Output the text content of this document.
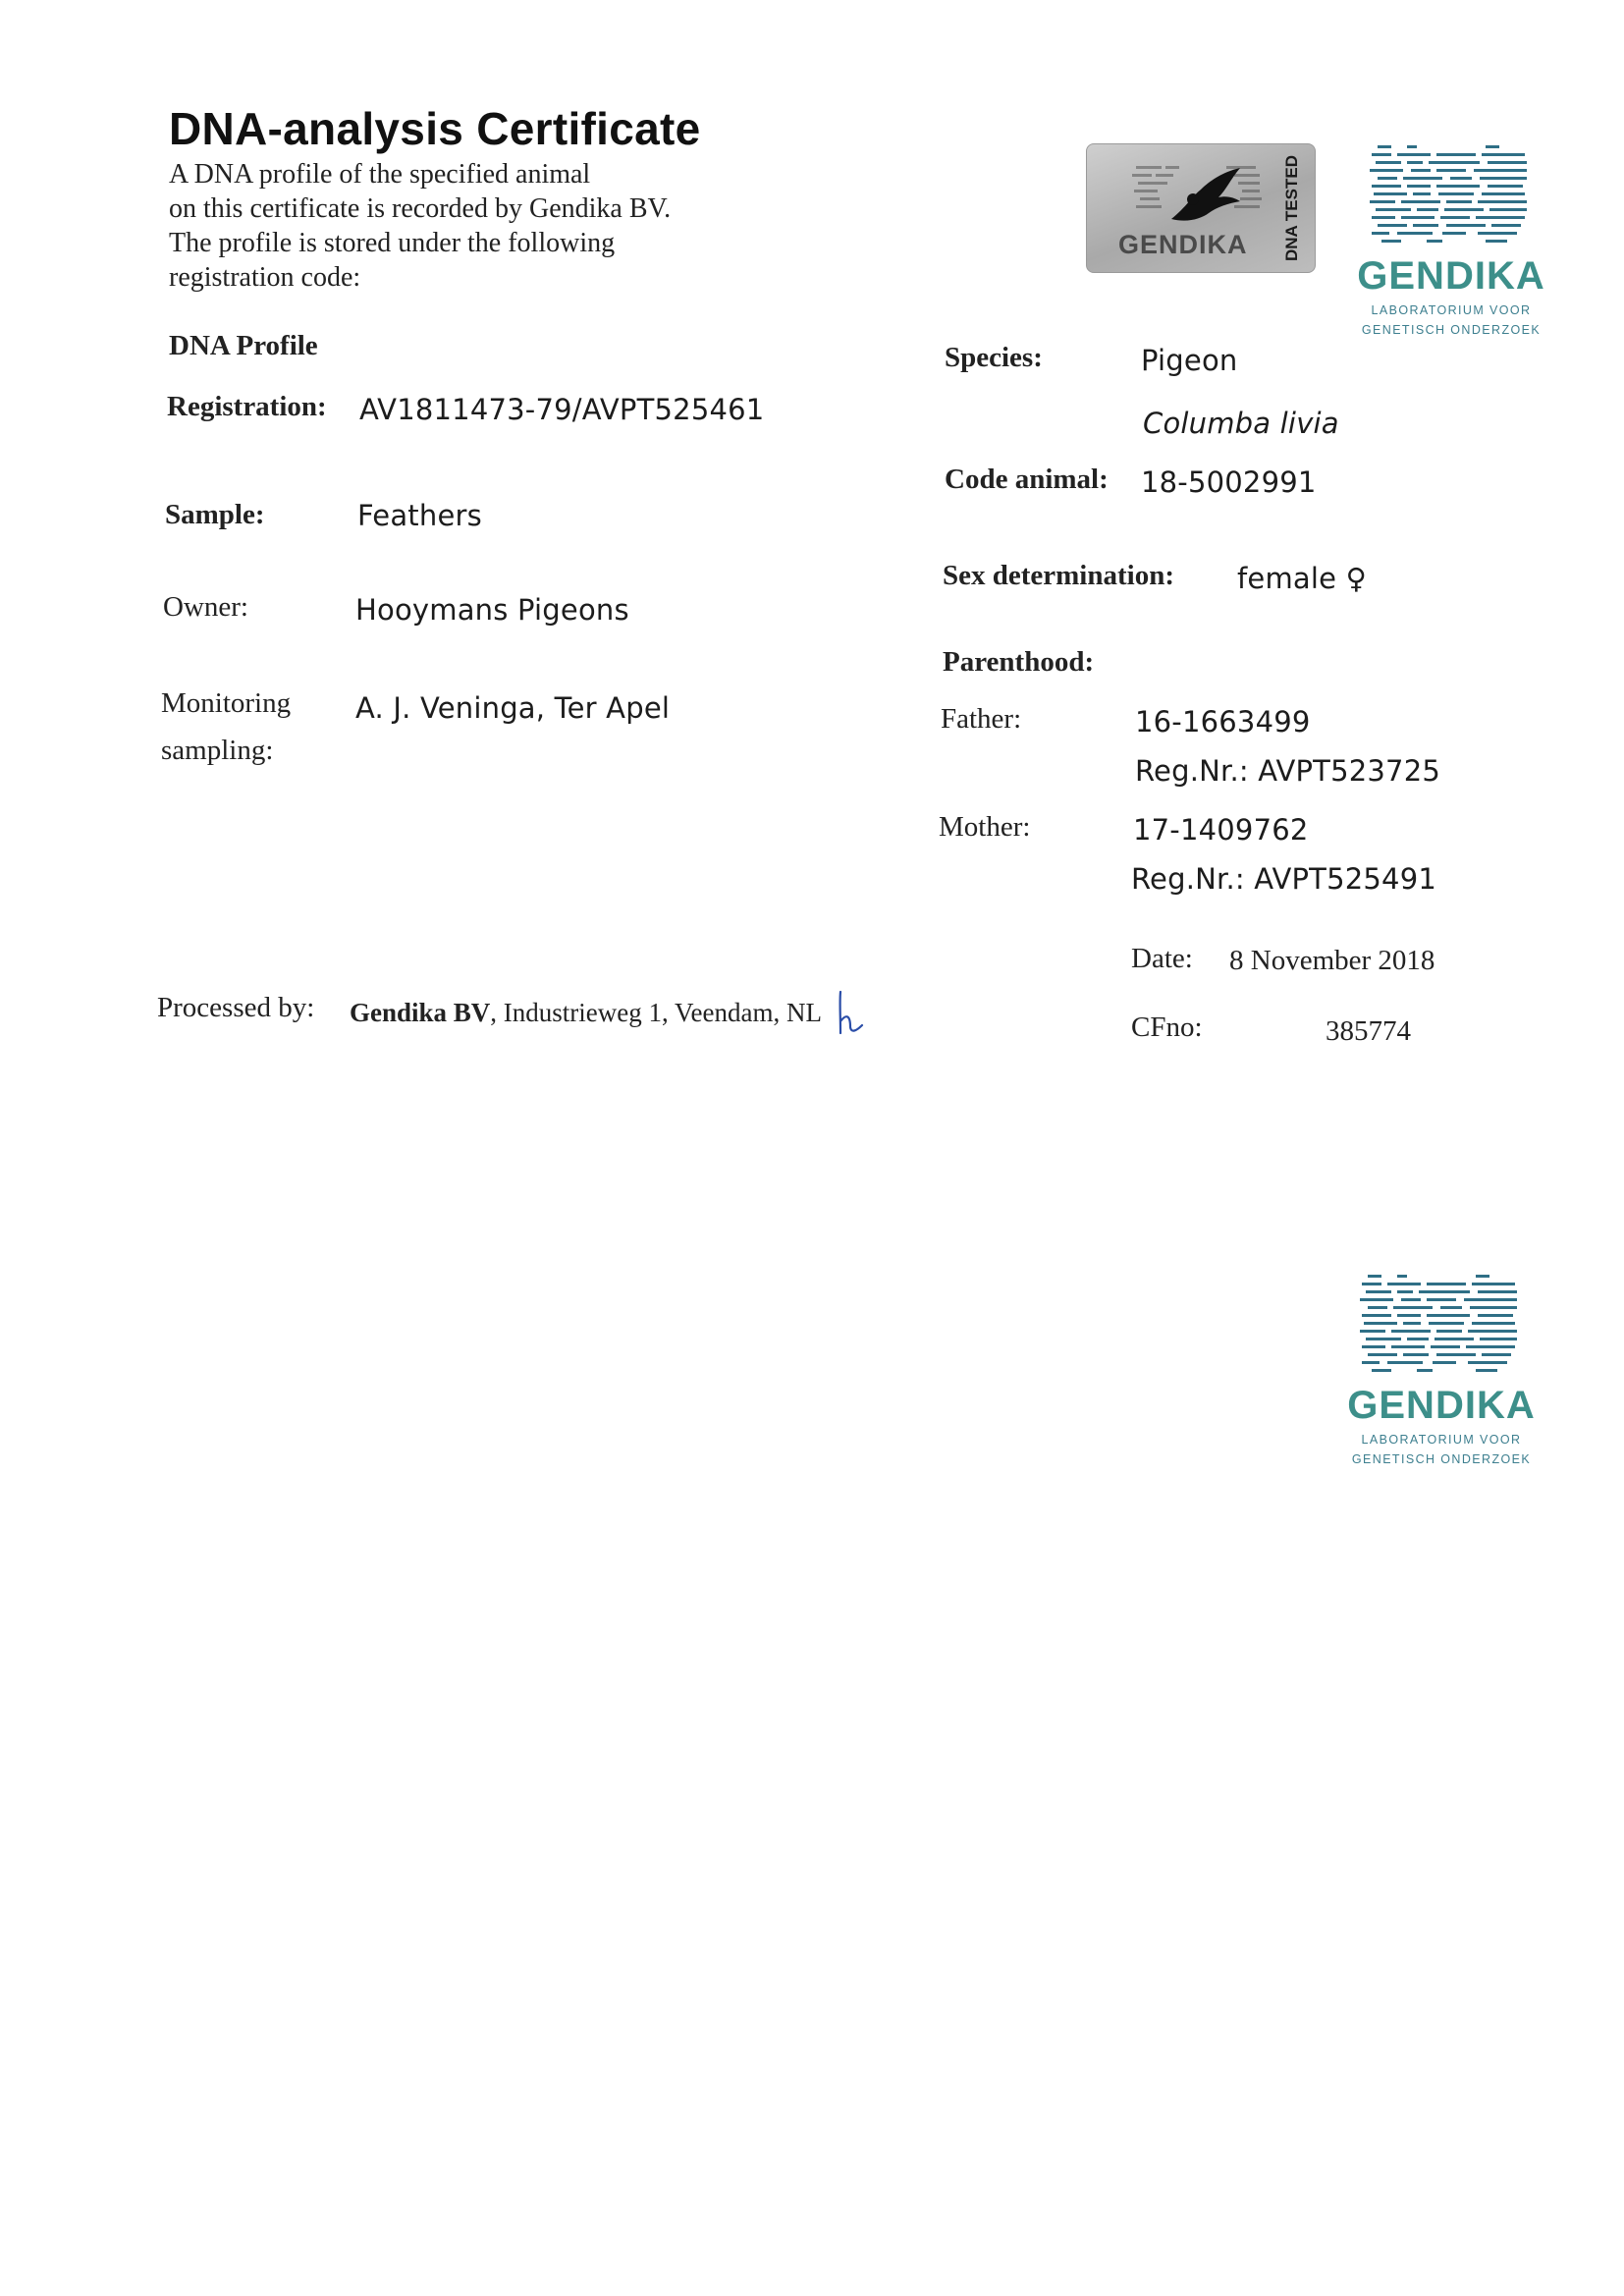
DNA-analysis Certificate
A DNA profile of the specified animal
on this certificate is recorded by Gendika BV.
The profile is stored under the following
registration code:
GENDIKA DNA TESTED
GENDIKA
LABORATORIUM VOOR
GENETISCH ONDERZOEK
DNA Profile
Registration: AV1811473-79/AVPT525461
Sample:	Feathers
Owner:	Hooymans Pigeons
Monitoring
sampling:
A. J. Veninga, Ter Apel
Species:	Pigeon
Columba livia
Code animal: 18-5002991
Sex determination: female ♀
Parenthood:
Father:	16-1663499
Reg.Nr.: AVPT523725
Mother:	17-1409762
Reg.Nr.: AVPT525491
Date: 8 November 2018
CFno:	385774
Processed by: Gendika BV, Industrieweg 1, Veendam, NL
GENDIKA
LABORATORIUM VOOR
GENETISCH ONDERZOEK
